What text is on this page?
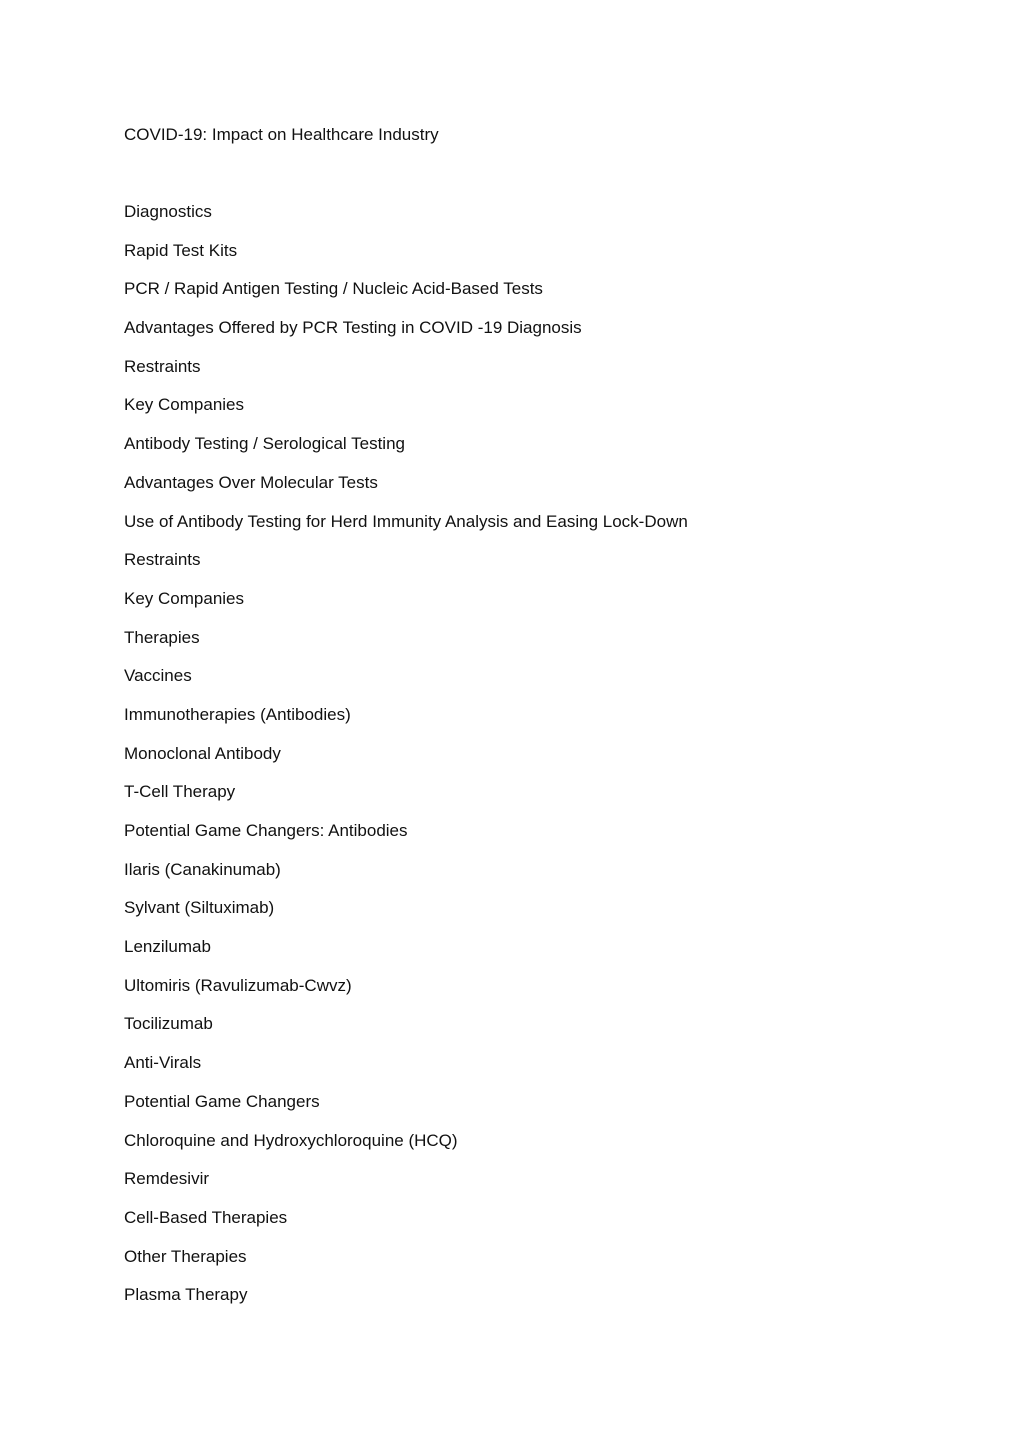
COVID-19: Impact on Healthcare Industry
Diagnostics
Rapid Test Kits
PCR / Rapid Antigen Testing / Nucleic Acid-Based Tests
Advantages Offered by PCR Testing in COVID -19 Diagnosis
Restraints
Key Companies
Antibody Testing / Serological Testing
Advantages Over Molecular Tests
Use of Antibody Testing for Herd Immunity Analysis and Easing Lock-Down
Restraints
Key Companies
Therapies
Vaccines
Immunotherapies (Antibodies)
Monoclonal Antibody
T-Cell Therapy
Potential Game Changers: Antibodies
Ilaris (Canakinumab)
Sylvant (Siltuximab)
Lenzilumab
Ultomiris (Ravulizumab-Cwvz)
Tocilizumab
Anti-Virals
Potential Game Changers
Chloroquine and Hydroxychloroquine (HCQ)
Remdesivir
Cell-Based Therapies
Other Therapies
Plasma Therapy
